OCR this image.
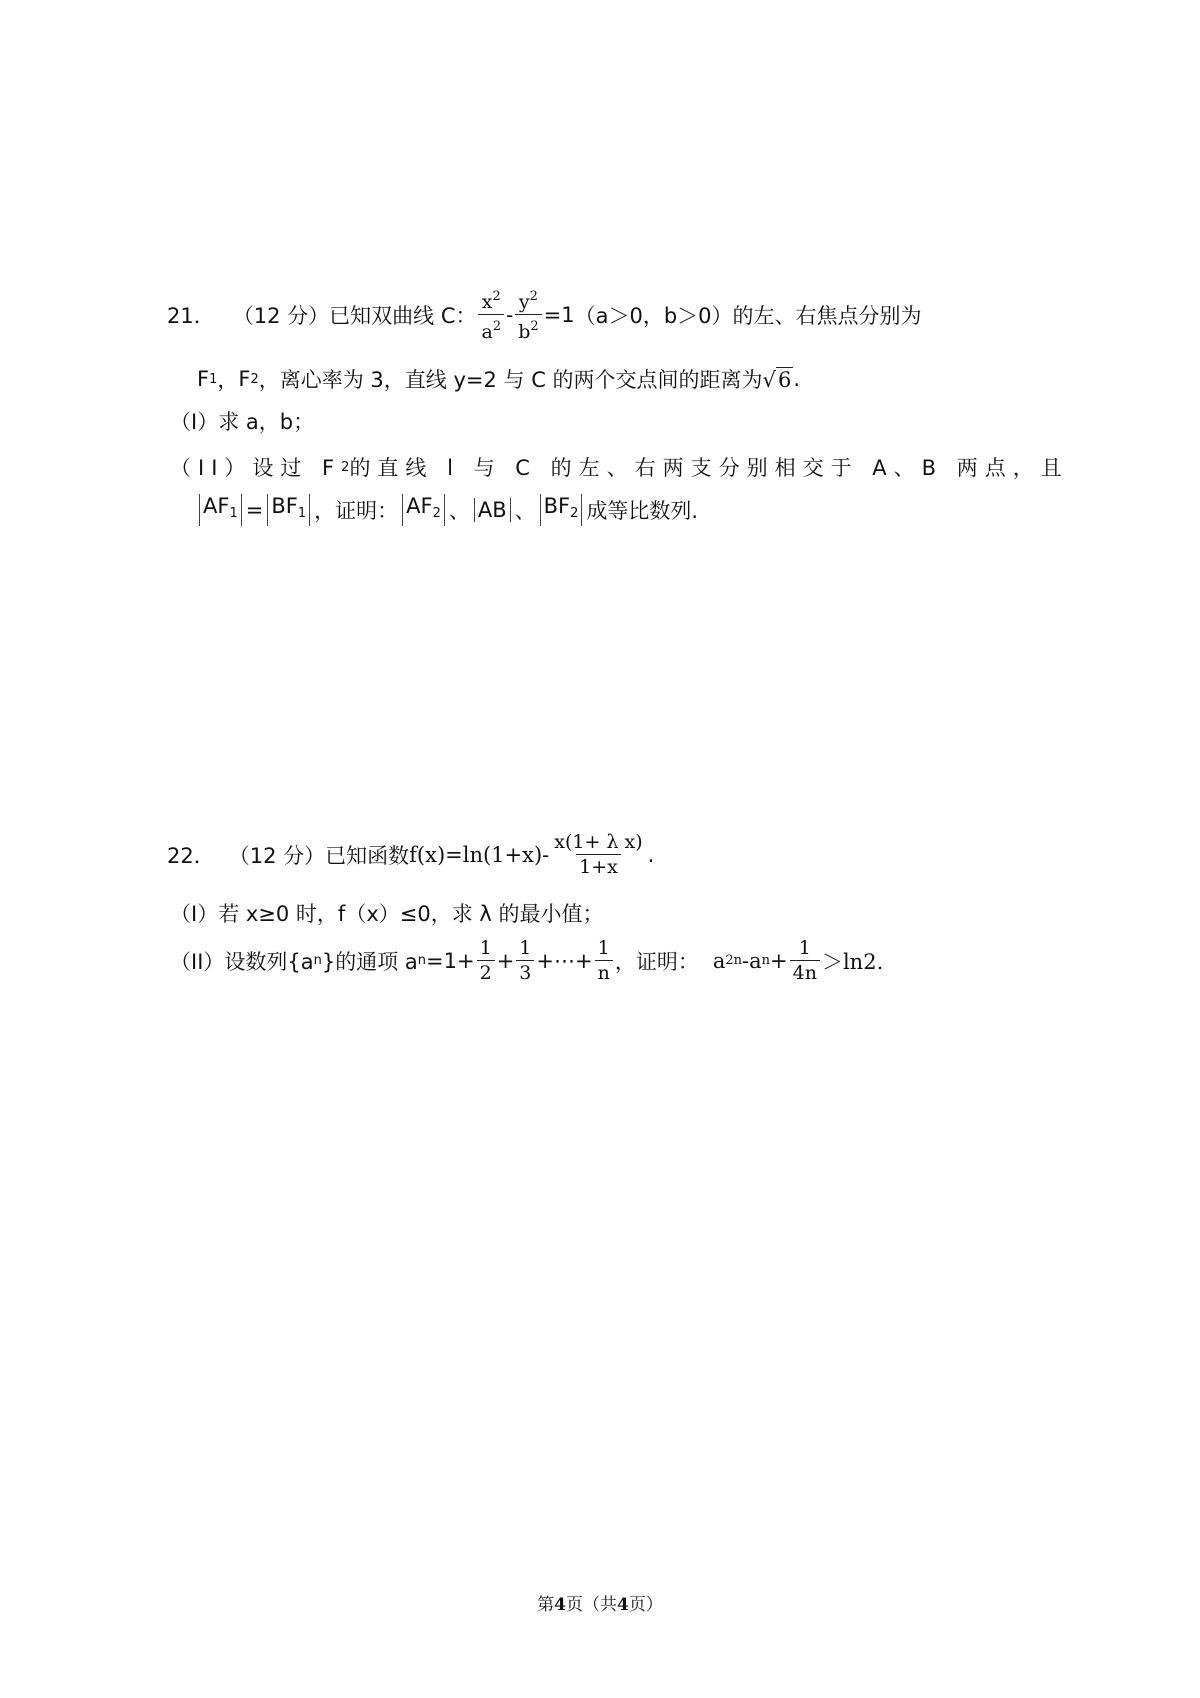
21． （12 分） 已知双曲线 C： $\frac{x^2}{a^2} - \frac{y^2}{b^2} =1$ （a＞0，b＞0）的左、右焦点分别为
F 1 ， F 2 ，离心率为 3，直线 y=2 与 C 的两个交点间的距离为 √ 6 .
（I）求 a，b；
（II）设过 F 2 的直线 l 与 C 的左、右两支分别相交于 A、B 两点，且
$AF_1 = BF_1$ ，证明： $AF_2$ 、 AB 、 $BF_2$ 成等比数列.
22． （12 分） 已知函数 $f(x)=\ln(1+x) - \frac{\text{x(1+ λ x)}}{1+x}$ .
（I）若 x≥0 时，f（x）≤0，求 λ 的最小值；
（II）设数列{a n }的通项 a $n =1+ \frac{1}{2} + \frac{1}{3}$ +⋯+ $\frac{1}{n}$ ，证明： a 2n -a $n + \frac{1}{4n} >\ln 2$.
第4页（共4页）
